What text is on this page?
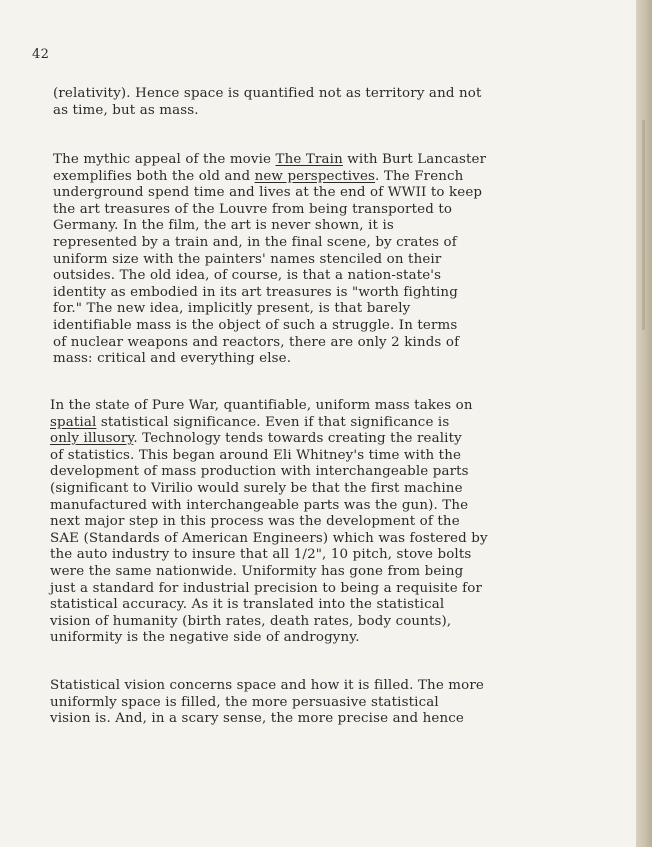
42
(relativity). Hence space is quantified not as territory and not
as time, but as mass.
The mythic appeal of the movie The Train with Burt Lancaster
exemplifies both the old and new perspectives. The French
underground spend time and lives at the end of WWII to keep
the art treasures of the Louvre from being transported to
Germany. In the film, the art is never shown, it is
represented by a train and, in the final scene, by crates of
uniform size with the painters' names stenciled on their
outsides. The old idea, of course, is that a nation-state's
identity as embodied in its art treasures is "worth fighting
for." The new idea, implicitly present, is that barely
identifiable mass is the object of such a struggle. In terms
of nuclear weapons and reactors, there are only 2 kinds of
mass: critical and everything else.
In the state of Pure War, quantifiable, uniform mass takes on
spatial statistical significance. Even if that significance is
only illusory. Technology tends towards creating the reality
of statistics. This began around Eli Whitney's time with the
development of mass production with interchangeable parts
(significant to Virilio would surely be that the first machine
manufactured with interchangeable parts was the gun). The
next major step in this process was the development of the
SAE (Standards of American Engineers) which was fostered by
the auto industry to insure that all 1/2", 10 pitch, stove bolts
were the same nationwide. Uniformity has gone from being
just a standard for industrial precision to being a requisite for
statistical accuracy. As it is translated into the statistical
vision of humanity (birth rates, death rates, body counts),
uniformity is the negative side of androgyny.
Statistical vision concerns space and how it is filled. The more
uniformly space is filled, the more persuasive statistical
vision is. And, in a scary sense, the more precise and hence
